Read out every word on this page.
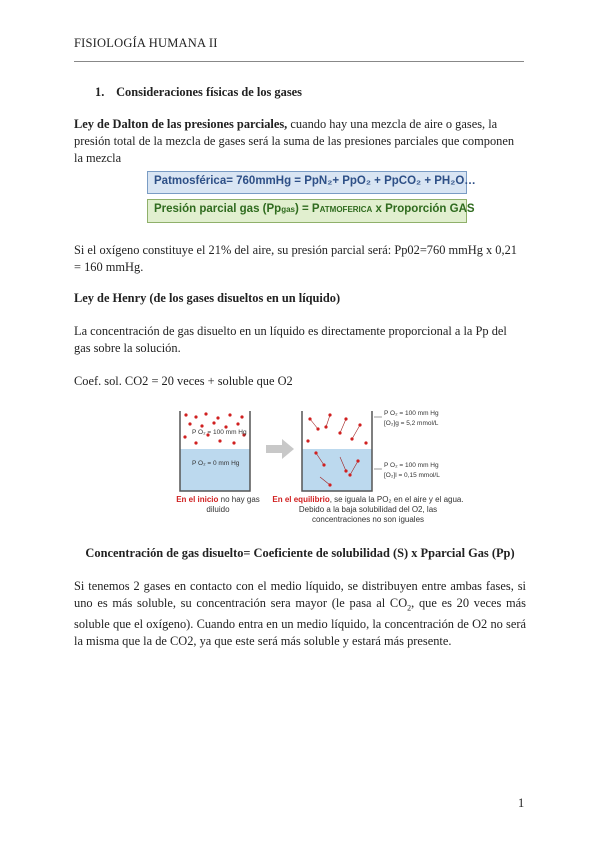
FISIOLOGÍA HUMANA II
1. Consideraciones físicas de los gases

Ley de Dalton de las presiones parciales, cuando hay una mezcla de aire o gases, la presión total de la mezcla de gases será la suma de las presiones parciales que componen la mezcla

Patmosférica= 760mmHg = PpN₂+ PpO₂ + PpCO₂ + PH₂O…
Presión parcial gas (Ppgas) = PATMOFERICA x Proporción GAS

Si el oxígeno constituye el 21% del aire, su presión parcial será: Pp02=760 mmHg x 0,21 = 160 mmHg.

Ley de Henry (de los gases disueltos en un líquido)

La concentración de gas disuelto en un líquido es directamente proporcional a la Pp del gas sobre la solución.

Coef. sol. CO2 = 20 veces + soluble que O2

P O₂ = 100 mm Hg
P O₂ = 0 mm Hg
P O₂ = 100 mm Hg
[O₂]g = 5,2 mmol/L
P O₂ = 100 mm Hg
[O₂]l = 0,15 mmol/L
En el inicio no hay gas diluido
En el equilibrio, se iguala la PO₂ en el aire y el agua. Debido a la baja solubilidad del O2, las concentraciones no son iguales

Concentración de gas disuelto= Coeficiente de solubilidad (S) x Pparcial Gas (Pp)

Si tenemos 2 gases en contacto con el medio líquido, se distribuyen entre ambas fases, si uno es más soluble, su concentración sera mayor (le pasa al $CO_2$, que es 20 veces más soluble que el oxígeno). Cuando entra en un medio líquido, la concentración de O2 no será la misma que la de CO2, ya que este será más soluble y estará más presente.

1
